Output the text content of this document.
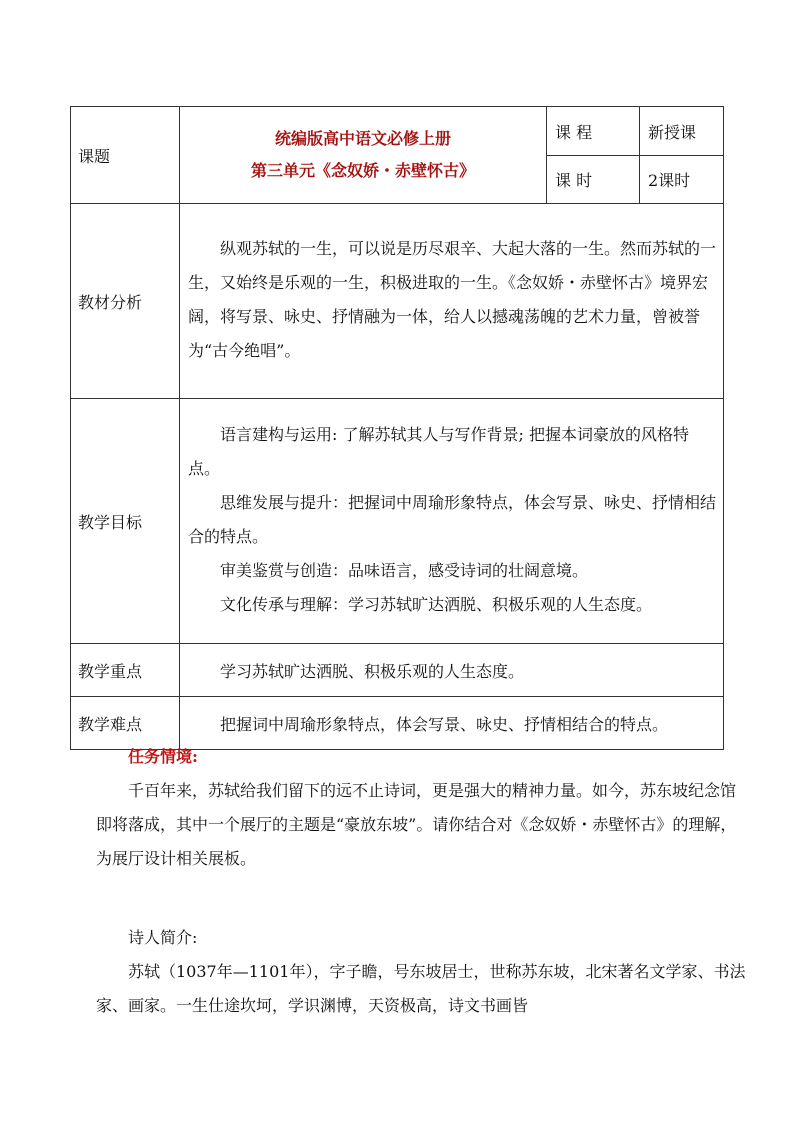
课题	统编版高中语文必修上册
第三单元《念奴娇・赤壁怀古》	课 程	新授课
		课 时	2课时
教材分析	纵观苏轼的一生，可以说是历尽艰辛、大起大落的一生。然而苏轼的一生，又始终是乐观的一生，积极进取的一生。《念奴娇・赤壁怀古》境界宏阔，将写景、咏史、抒情融为一体，给人以撼魂荡魄的艺术力量，曾被誉为“古今绝唱”。		

教学目标	语言建构与运用: 了解苏轼其人与写作背景; 把握本词豪放的风格特点。

思维发展与提升：把握词中周瑜形象特点，体会写景、咏史、抒情相结合的特点。

审美鉴赏与创造：品味语言，感受诗词的壮阔意境。

文化传承与理解：学习苏轼旷达洒脱、积极乐观的人生态度。		

教学重点	学习苏轼旷达洒脱、积极乐观的人生态度。		
教学难点	把握词中周瑜形象特点，体会写景、咏史、抒情相结合的特点。		

任务情境:

千百年来，苏轼给我们留下的远不止诗词，更是强大的精神力量。如今，苏东坡纪念馆即将落成，其中一个展厅的主题是“豪放东坡”。请你结合对《念奴娇・赤壁怀古》的理解，为展厅设计相关展板。

诗人简介:

苏轼（1037年—1101年），字子瞻，号东坡居士，世称苏东坡，北宋著名文学家、书法家、画家。一生仕途坎坷，学识渊博，天资极高，诗文书画皆
